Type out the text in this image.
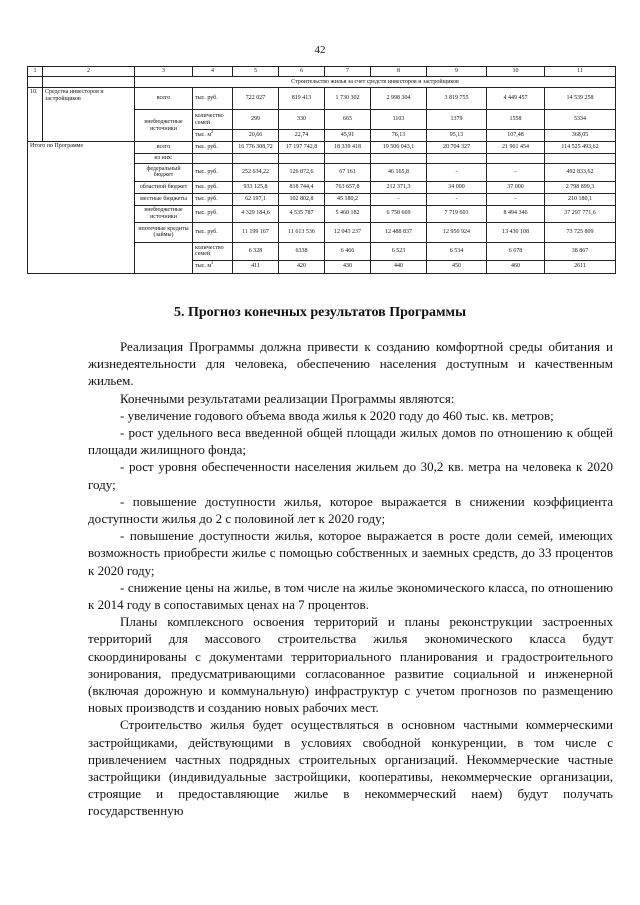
42
1	2	3	4	5	6	7	8	9	10	11
		Строительство жилья за счет средств инвесторов и застройщиков								
10.	Средства инвесторов и застройщиков	всего	тыс. руб.	722 027	819 413	1 730 302	2 998 304	3 819 755	4 449 457	14 539 258
		внебюджетные источники	количество семей	299	330	665	1103	1379	1558	5334
			тыс. $м^2$	20,66	22,74	45,91	76,13	95,13	107,48	368,05
Итого по Программе		всего	тыс. руб.	16 776 308,72	17 197 742,8	18 339 418	19 506 043,1	20 704 327	21 961 454	114 525 493,62
		из них:								
		федеральный бюджет	тыс. руб.	252 634,22	126 872,6	67 161	46 165,8	-	-	492 833,62
		областной бюджет	тыс. руб.	933 125,8	818 744,4	763 657,8	212 371,3	34 000	37 000	2 798 899,3
		местные бюджеты	тыс. руб.	62 197,1	102 802,8	45 180,2	-	-	-	210 180,1
		внебюджетные источники	тыс. руб.	4 329 184,6	4 535 787	5 460 182	6 758 669	7 719 603	8 494 346	37 297 771,6
		ипотечные кредиты (займы)	тыс. руб.	11 199 167	11 613 536	12 043 237	12 488 837	12 950 924	13 430 108	73 725 809
			количество семей	6 328	6338	6 466	6 523	6 534	6 678	38 867
			тыс. $м^2$	411	420	430	440	450	460	2611
5. Прогноз конечных результатов Программы

Реализация Программы должна привести к созданию комфортной среды обитания и жизнедеятельности для человека, обеспечению населения доступным и качественным жильем.

Конечными результатами реализации Программы являются:

- увеличение годового объема ввода жилья к 2020 году до 460 тыс. кв. метров;

- рост удельного веса введенной общей площади жилых домов по отношению к общей площади жилищного фонда;

- рост уровня обеспеченности населения жильем до 30,2 кв. метра на человека к 2020 году;

- повышение доступности жилья, которое выражается в снижении коэффициента доступности жилья до 2 с половиной лет к 2020 году;

- повышение доступности жилья, которое выражается в росте доли семей, имеющих возможность приобрести жилье с помощью собственных и заемных средств, до 33 процентов к 2020 году;

- снижение цены на жилье, в том числе на жилье экономического класса, по отношению к 2014 году в сопоставимых ценах на 7 процентов.

Планы комплексного освоения территорий и планы реконструкции застроенных территорий для массового строительства жилья экономического класса будут скоординированы с документами территориального планирования и градостроительного зонирования, предусматривающими согласованное развитие социальной и инженерной (включая дорожную и коммунальную) инфраструктур с учетом прогнозов по размещению новых производств и созданию новых рабочих мест.

Строительство жилья будет осуществляться в основном частными коммерческими застройщиками, действующими в условиях свободной конкуренции, в том числе с привлечением частных подрядных строительных организаций. Некоммерческие частные застройщики (индивидуальные застройщики, кооперативы, некоммерческие организации, строящие и предоставляющие жилье в некоммерческий наем) будут получать государственную
